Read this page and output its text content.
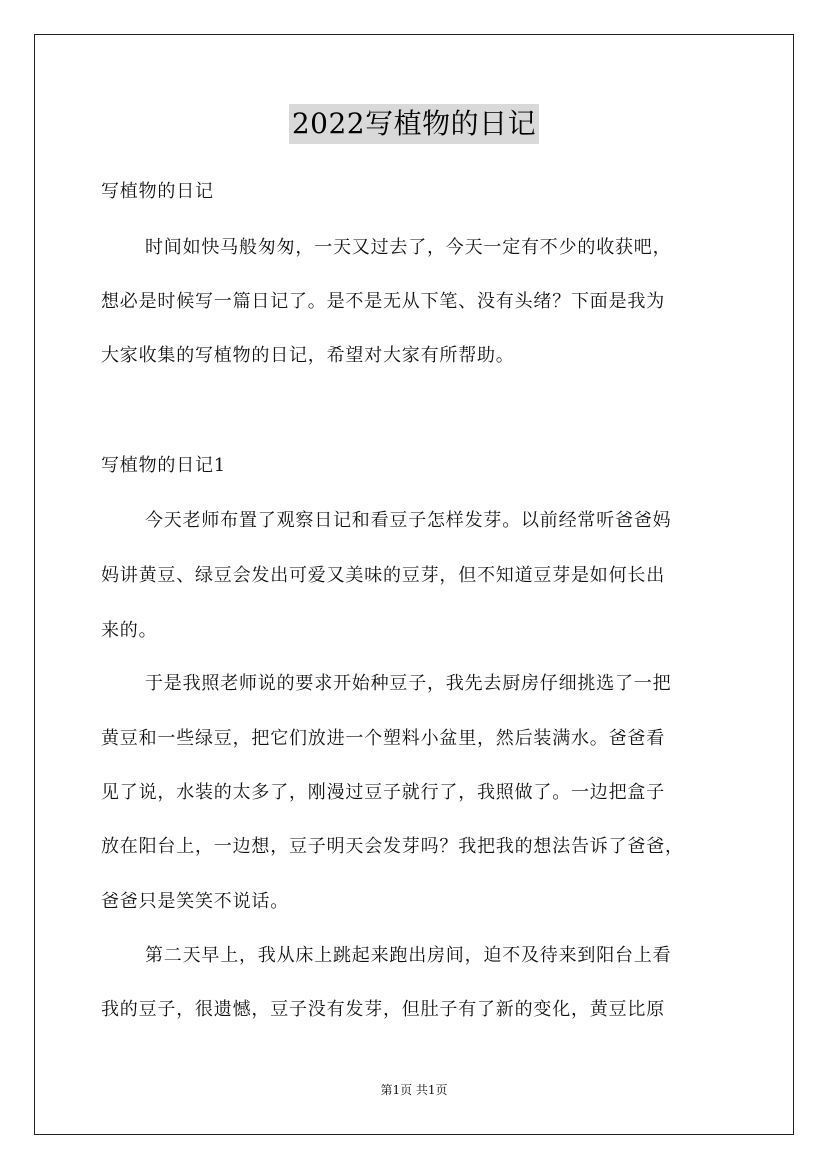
2022写植物的日记
写植物的日记
时间如快马般匆匆，一天又过去了，今天一定有不少的收获吧，
想必是时候写一篇日记了。是不是无从下笔、没有头绪？下面是我为
大家收集的写植物的日记，希望对大家有所帮助。
写植物的日记1
今天老师布置了观察日记和看豆子怎样发芽。以前经常听爸爸妈
妈讲黄豆、绿豆会发出可爱又美味的豆芽，但不知道豆芽是如何长出
来的。
于是我照老师说的要求开始种豆子，我先去厨房仔细挑选了一把
黄豆和一些绿豆，把它们放进一个塑料小盆里，然后装满水。爸爸看
见了说，水装的太多了，刚漫过豆子就行了，我照做了。一边把盒子
放在阳台上，一边想，豆子明天会发芽吗？我把我的想法告诉了爸爸，
爸爸只是笑笑不说话。
第二天早上，我从床上跳起来跑出房间，迫不及待来到阳台上看
我的豆子，很遗憾，豆子没有发芽，但肚子有了新的变化，黄豆比原
第1页 共1页
